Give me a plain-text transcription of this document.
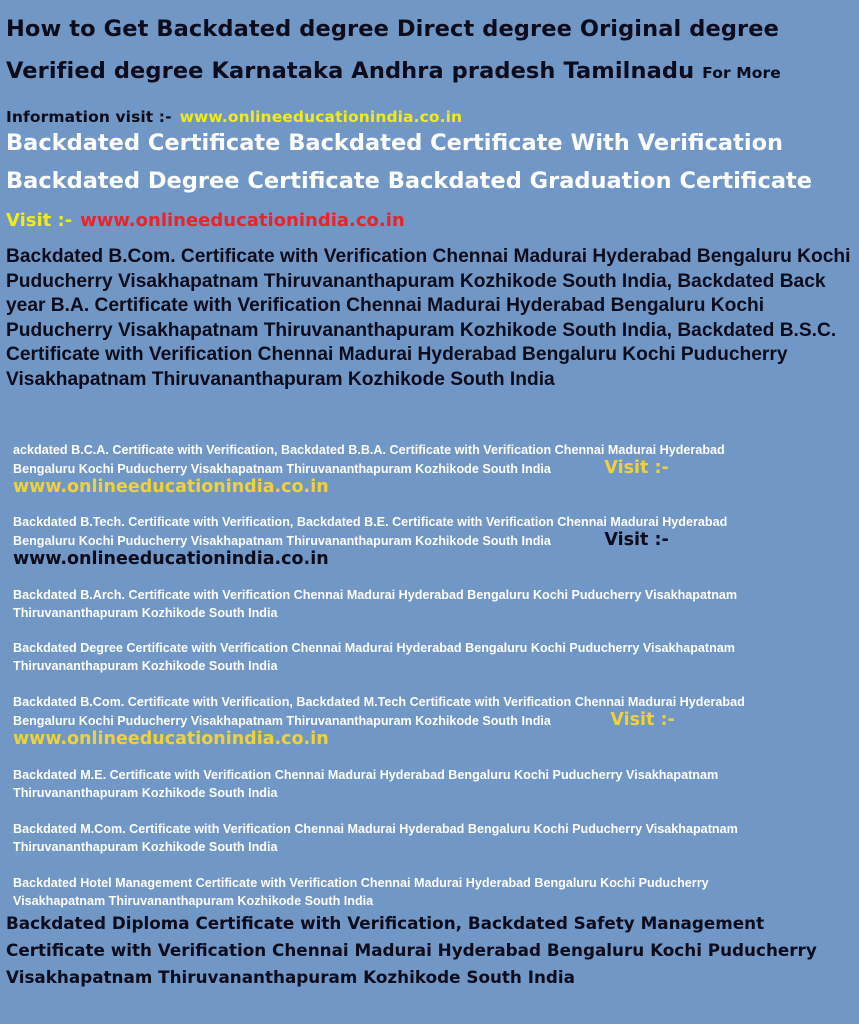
How to Get Backdated degree Direct degree Original degree Verified degree Karnataka Andhra pradesh Tamilnadu For More Information visit :- www.onlineeducationindia.co.in

Backdated Certificate Backdated Certificate With Verification Backdated Degree Certificate Backdated Graduation Certificate Visit :- www.onlineeducationindia.co.in

Backdated B.Com. Certificate with Verification Chennai Madurai Hyderabad Bengaluru Kochi Puducherry Visakhapatnam Thiruvananthapuram Kozhikode South India, Backdated Back year B.A. Certificate with Verification Chennai Madurai Hyderabad Bengaluru Kochi Puducherry Visakhapatnam Thiruvananthapuram Kozhikode South India, Backdated B.S.C. Certificate with Verification Chennai Madurai Hyderabad Bengaluru Kochi Puducherry Visakhapatnam Thiruvananthapuram Kozhikode South India

ackdated B.C.A. Certificate with Verification, Backdated B.B.A. Certificate with Verification Chennai Madurai Hyderabad Bengaluru Kochi Puducherry Visakhapatnam Thiruvananthapuram Kozhikode South India	Visit :- www.onlineeducationindia.co.in
Backdated B.Tech. Certificate with Verification, Backdated B.E. Certificate with Verification Chennai Madurai Hyderabad Bengaluru Kochi Puducherry Visakhapatnam Thiruvananthapuram Kozhikode South India	Visit :- www.onlineeducationindia.co.in
Backdated B.Arch. Certificate with Verification Chennai Madurai Hyderabad Bengaluru Kochi Puducherry Visakhapatnam Thiruvananthapuram Kozhikode South India
Backdated Degree Certificate with Verification Chennai Madurai Hyderabad Bengaluru Kochi Puducherry Visakhapatnam Thiruvananthapuram Kozhikode South India
Backdated B.Com. Certificate with Verification, Backdated M.Tech Certificate with Verification Chennai Madurai Hyderabad Bengaluru Kochi Puducherry Visakhapatnam Thiruvananthapuram Kozhikode South India	Visit :- www.onlineeducationindia.co.in
Backdated M.E. Certificate with Verification Chennai Madurai Hyderabad Bengaluru Kochi Puducherry Visakhapatnam Thiruvananthapuram Kozhikode South India
Backdated M.Com. Certificate with Verification Chennai Madurai Hyderabad Bengaluru Kochi Puducherry Visakhapatnam Thiruvananthapuram Kozhikode South India
Backdated Hotel Management Certificate with Verification Chennai Madurai Hyderabad Bengaluru Kochi Puducherry Visakhapatnam Thiruvananthapuram Kozhikode South India

Backdated Diploma Certificate with Verification, Backdated Safety Management Certificate with Verification Chennai Madurai Hyderabad Bengaluru Kochi Puducherry Visakhapatnam Thiruvananthapuram Kozhikode South India
